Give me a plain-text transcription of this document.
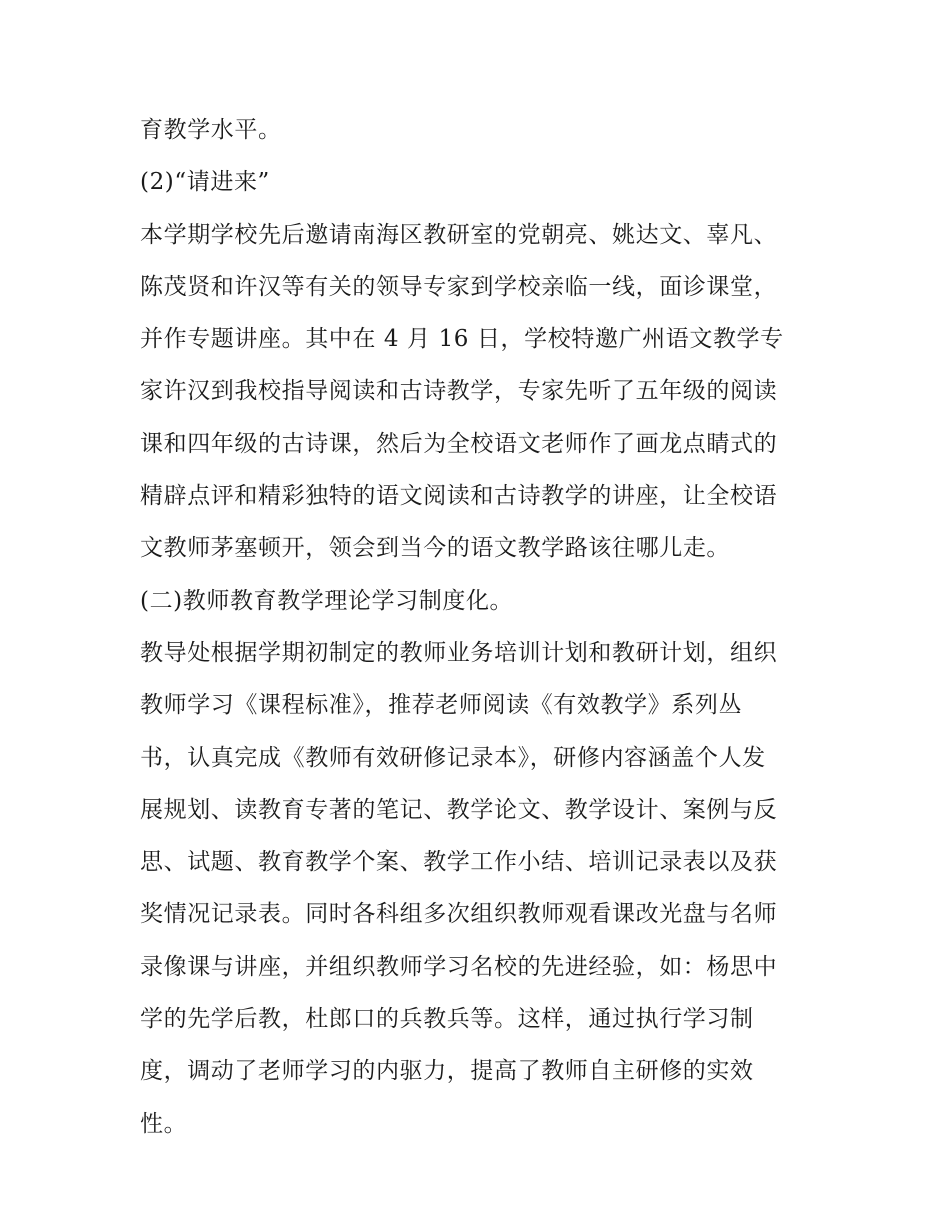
育教学水平。
(2)“请进来”
本学期学校先后邀请南海区教研室的党朝亮、姚达文、辜凡、
陈茂贤和许汉等有关的领导专家到学校亲临一线，面诊课堂，
并作专题讲座。其中在 4 月 16 日，学校特邀广州语文教学专
家许汉到我校指导阅读和古诗教学，专家先听了五年级的阅读
课和四年级的古诗课，然后为全校语文老师作了画龙点睛式的
精辟点评和精彩独特的语文阅读和古诗教学的讲座，让全校语
文教师茅塞顿开，领会到当今的语文教学路该往哪儿走。
(二)教师教育教学理论学习制度化。
教导处根据学期初制定的教师业务培训计划和教研计划，组织
教师学习《课程标准》，推荐老师阅读《有效教学》系列丛
书，认真完成《教师有效研修记录本》，研修内容涵盖个人发
展规划、读教育专著的笔记、教学论文、教学设计、案例与反
思、试题、教育教学个案、教学工作小结、培训记录表以及获
奖情况记录表。同时各科组多次组织教师观看课改光盘与名师
录像课与讲座，并组织教师学习名校的先进经验，如：杨思中
学的先学后教，杜郎口的兵教兵等。这样，通过执行学习制
度，调动了老师学习的内驱力，提高了教师自主研修的实效
性。
